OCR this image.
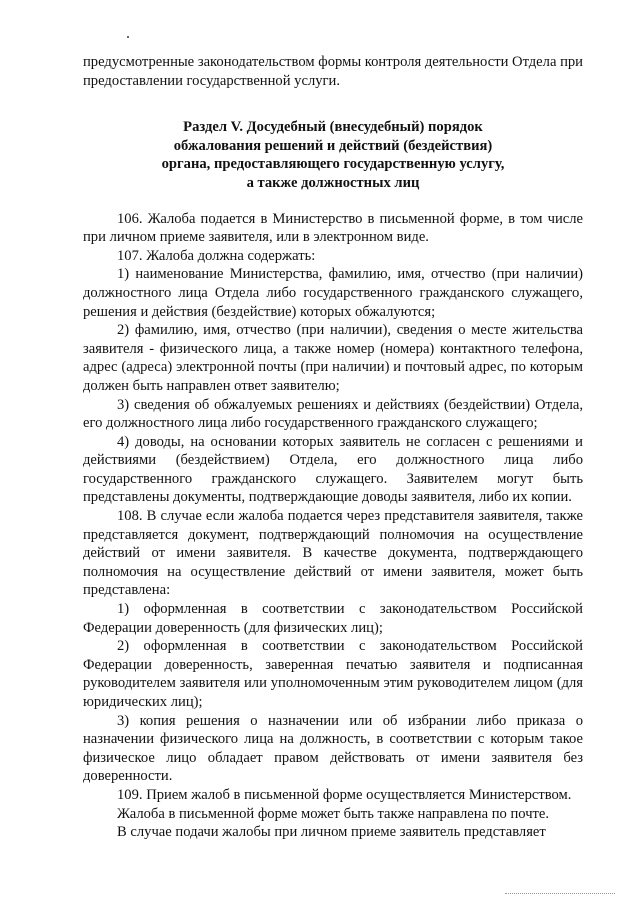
предусмотренные законодательством формы контроля деятельности Отдела при предоставлении государственной услуги.

Раздел V. Досудебный (внесудебный) порядок
обжалования решений и действий (бездействия)
органа, предоставляющего государственную услугу,
а также должностных лиц

106. Жалоба подается в Министерство в письменной форме, в том числе при личном приеме заявителя, или в электронном виде.

107. Жалоба должна содержать:

1) наименование Министерства, фамилию, имя, отчество (при наличии) должностного лица Отдела либо государственного гражданского служащего, решения и действия (бездействие) которых обжалуются;

2) фамилию, имя, отчество (при наличии), сведения о месте жительства заявителя - физического лица, а также номер (номера) контактного телефона, адрес (адреса) электронной почты (при наличии) и почтовый адрес, по которым должен быть направлен ответ заявителю;

3) сведения об обжалуемых решениях и действиях (бездействии) Отдела, его должностного лица либо государственного гражданского служащего;

4) доводы, на основании которых заявитель не согласен с решениями и действиями (бездействием) Отдела, его должностного лица либо государственного гражданского служащего. Заявителем могут быть представлены документы, подтверждающие доводы заявителя, либо их копии.

108. В случае если жалоба подается через представителя заявителя, также представляется документ, подтверждающий полномочия на осуществление действий от имени заявителя. В качестве документа, подтверждающего полномочия на осуществление действий от имени заявителя, может быть представлена:

1) оформленная в соответствии с законодательством Российской Федерации доверенность (для физических лиц);

2) оформленная в соответствии с законодательством Российской Федерации доверенность, заверенная печатью заявителя и подписанная руководителем заявителя или уполномоченным этим руководителем лицом (для юридических лиц);

3) копия решения о назначении или об избрании либо приказа о назначении физического лица на должность, в соответствии с которым такое физическое лицо обладает правом действовать от имени заявителя без доверенности.

109. Прием жалоб в письменной форме осуществляется Министерством.

Жалоба в письменной форме может быть также направлена по почте.

В случае подачи жалобы при личном приеме заявитель представляет
